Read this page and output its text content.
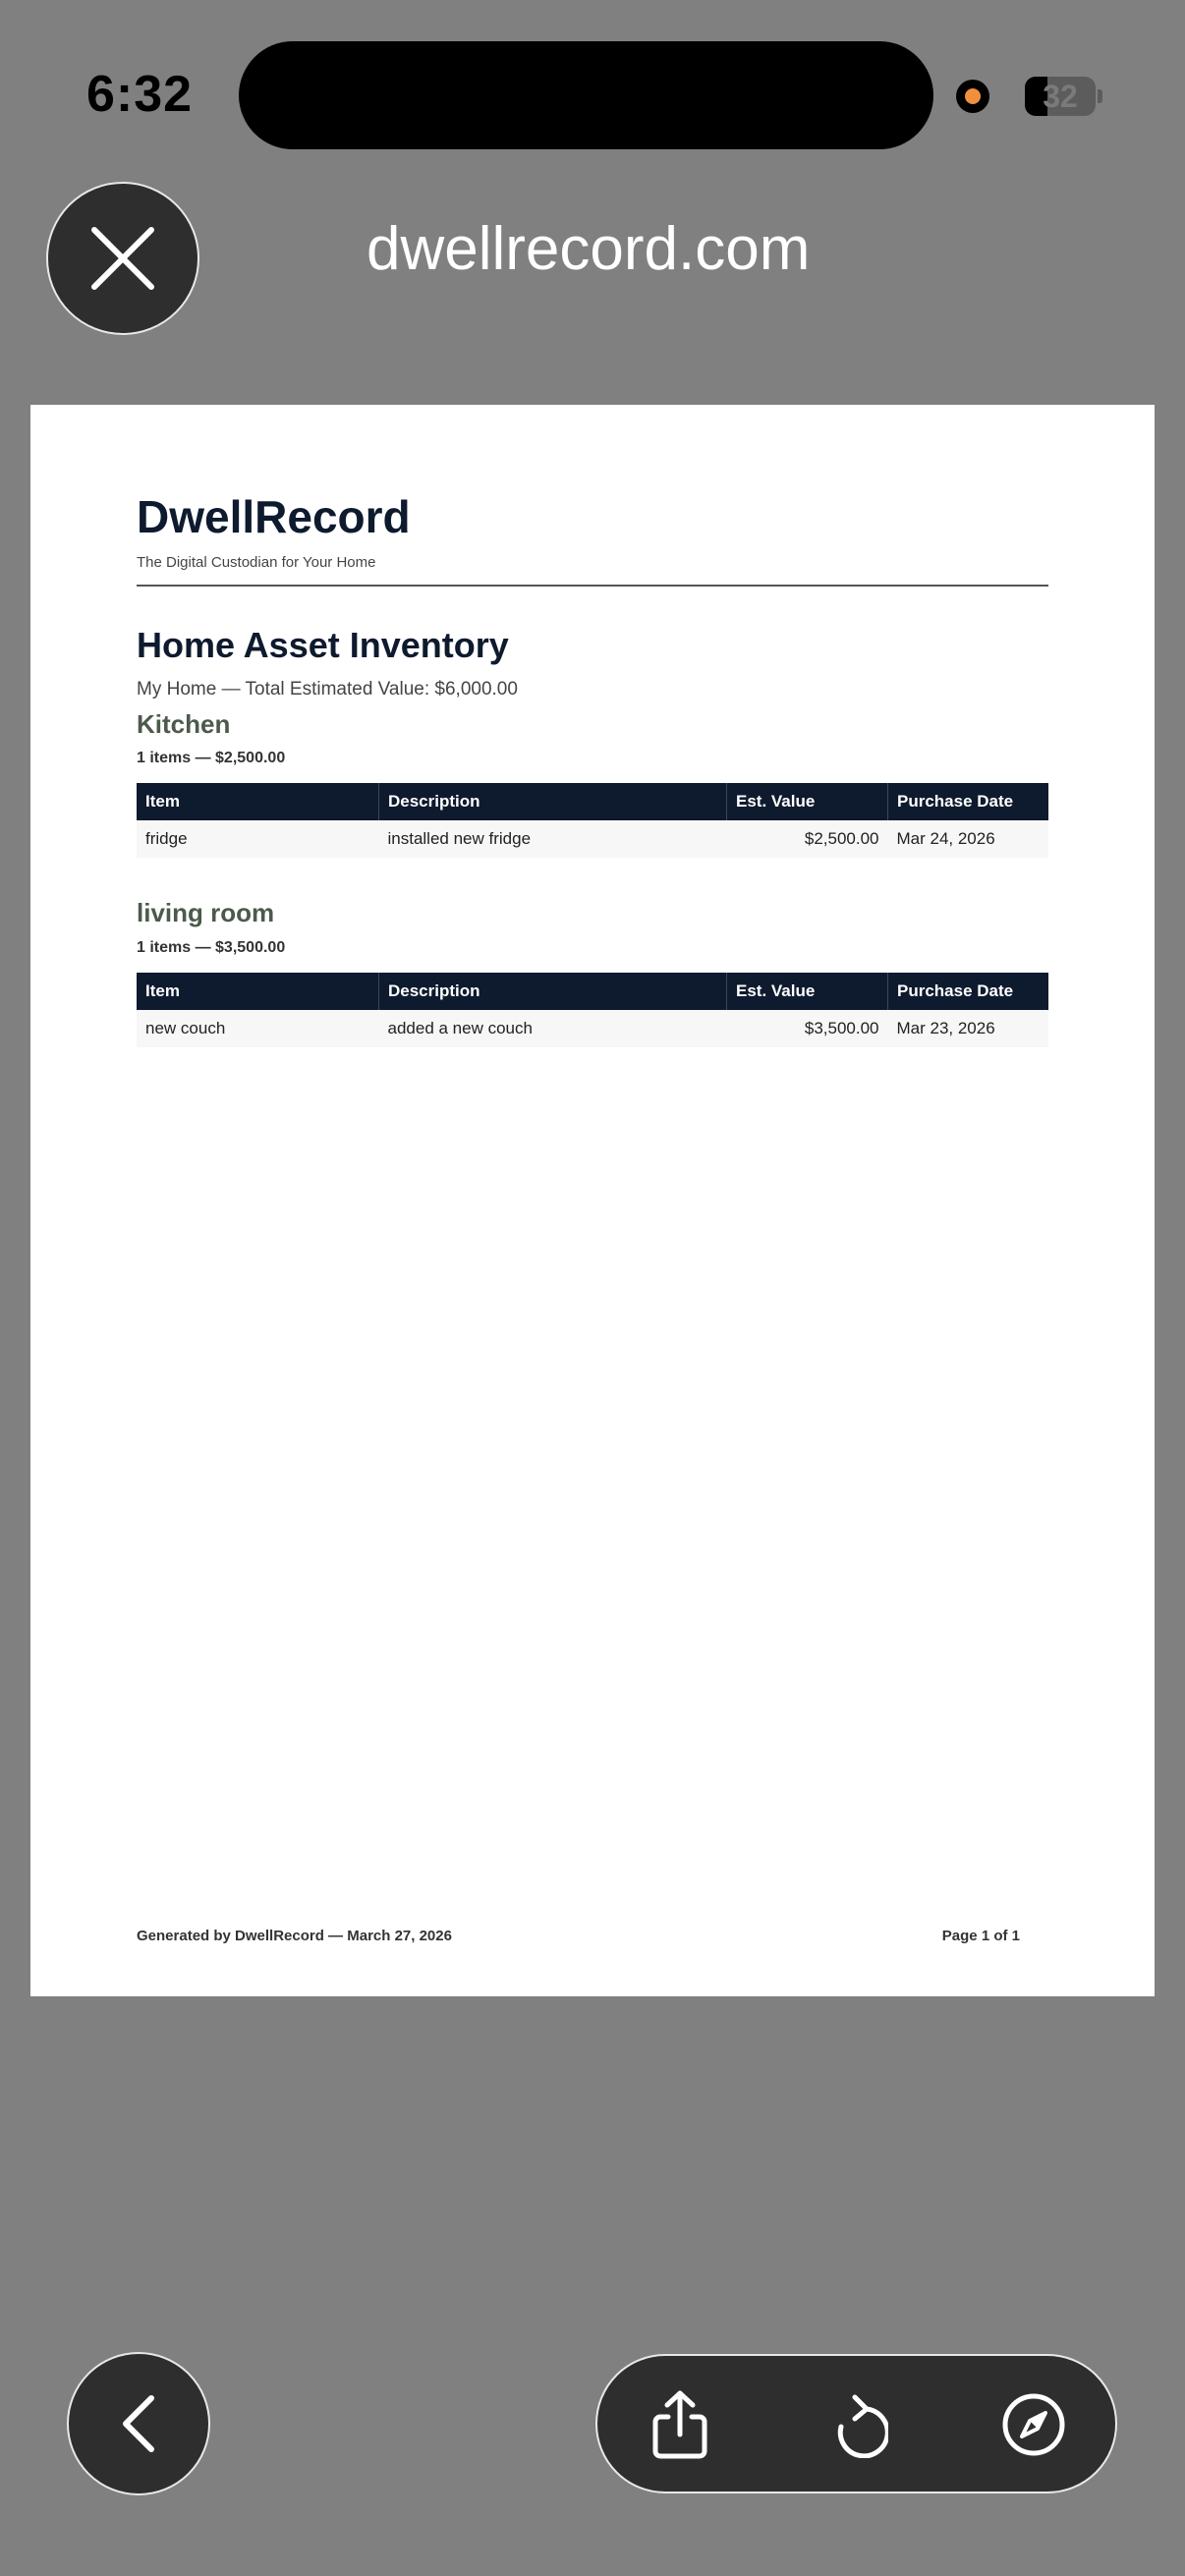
6:32	32
dwellrecord.com
DwellRecord
The Digital Custodian for Your Home
Home Asset Inventory
My Home — Total Estimated Value: $6,000.00
Kitchen
1 items — $2,500.00
Item	Description	Est. Value	Purchase Date
fridge	installed new fridge	$2,500.00	Mar 24, 2026
living room
1 items — $3,500.00
Item	Description	Est. Value	Purchase Date
new couch	added a new couch	$3,500.00	Mar 23, 2026
Generated by DwellRecord — March 27, 2026	Page 1 of 1
